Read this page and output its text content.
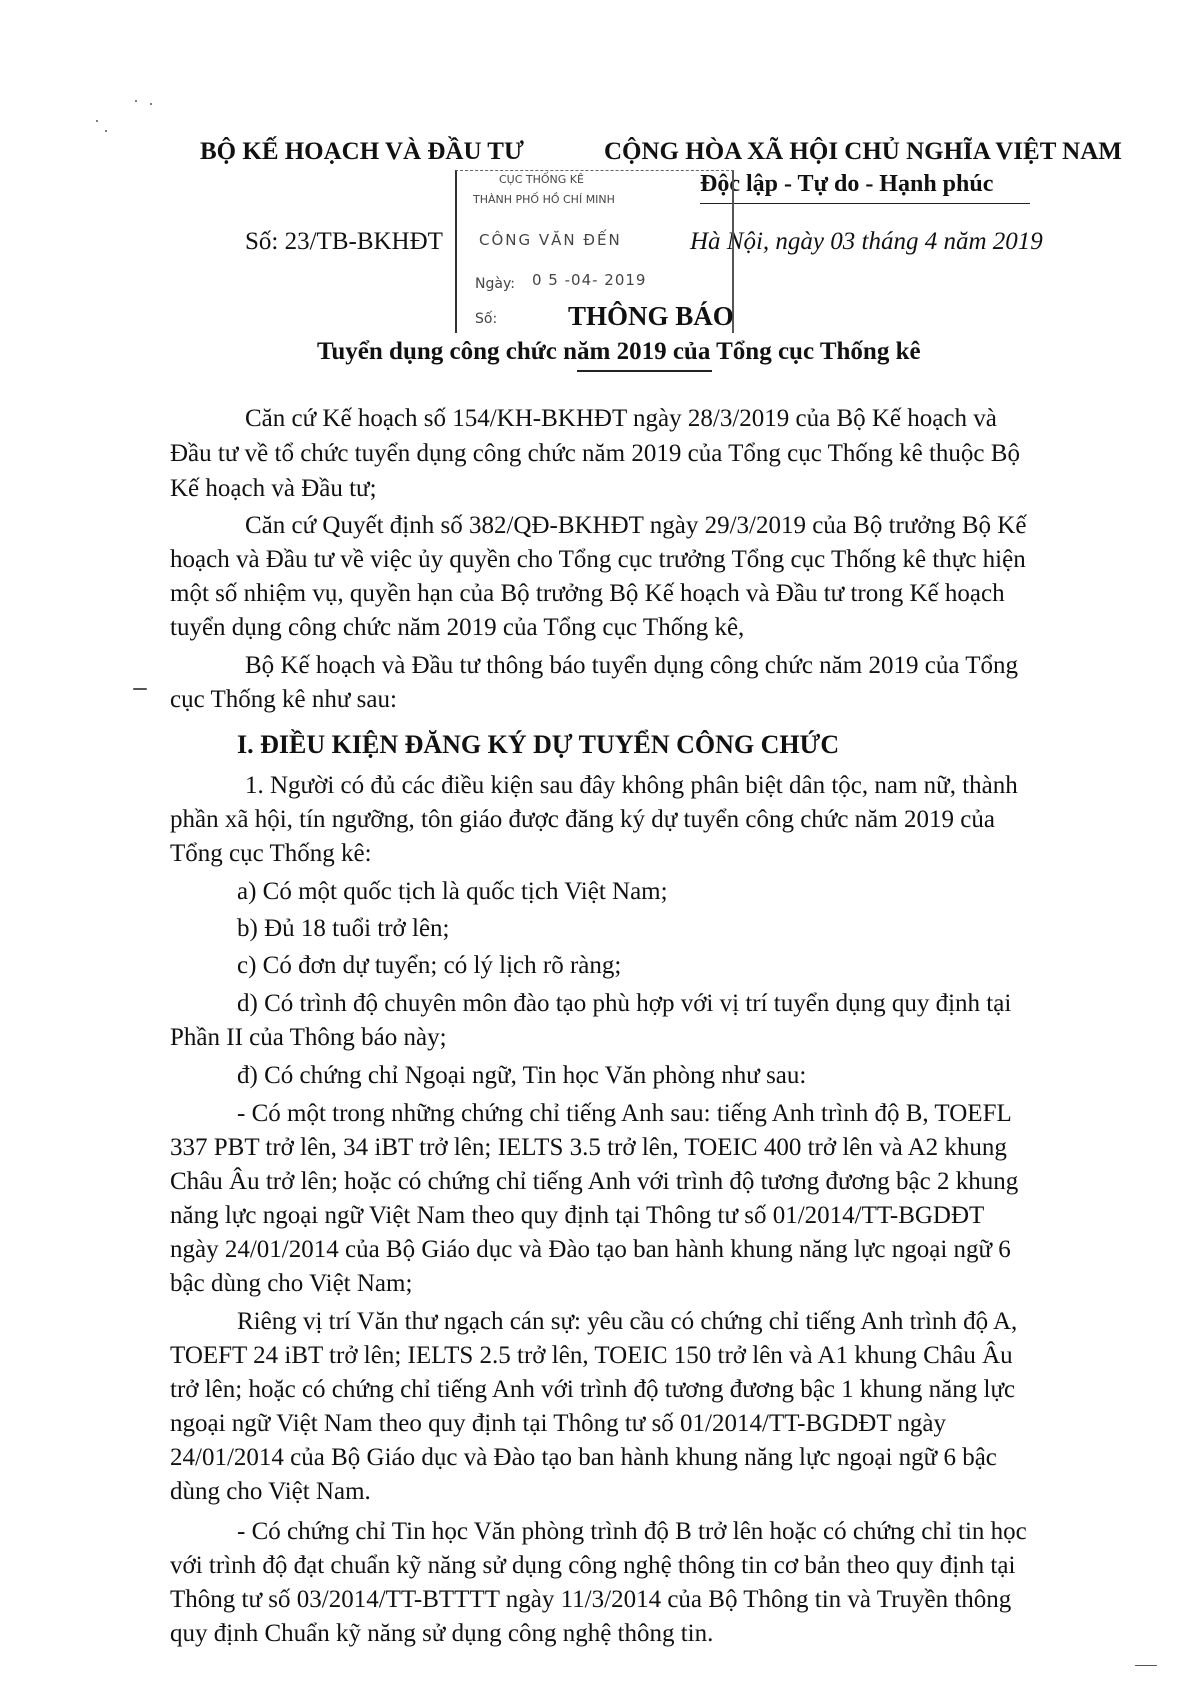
BỘ KẾ HOẠCH VÀ ĐẦU TƯ	CỘNG HÒA XÃ HỘI CHỦ NGHĨA VIỆT NAM
Độc lập - Tự do - Hạnh phúc
Số: 23/TB-BKHĐT	Hà Nội, ngày 03 tháng 4 năm 2019
CỤC THỐNG KÊ
THÀNH PHỐ HỒ CHÍ MINH
CÔNG VĂN ĐẾN
Ngày: 0 5 -04- 2019
Số:	THÔNG BÁO
Tuyển dụng công chức năm 2019 của Tổng cục Thống kê
Căn cứ Kế hoạch số 154/KH-BKHĐT ngày 28/3/2019 của Bộ Kế hoạch và
Đầu tư về tổ chức tuyển dụng công chức năm 2019 của Tổng cục Thống kê thuộc Bộ
Kế hoạch và Đầu tư;
Căn cứ Quyết định số 382/QĐ-BKHĐT ngày 29/3/2019 của Bộ trưởng Bộ Kế
hoạch và Đầu tư về việc ủy quyền cho Tổng cục trưởng Tổng cục Thống kê thực hiện
một số nhiệm vụ, quyền hạn của Bộ trưởng Bộ Kế hoạch và Đầu tư trong Kế hoạch
tuyển dụng công chức năm 2019 của Tổng cục Thống kê,
Bộ Kế hoạch và Đầu tư thông báo tuyển dụng công chức năm 2019 của Tổng
cục Thống kê như sau:
I. ĐIỀU KIỆN ĐĂNG KÝ DỰ TUYỂN CÔNG CHỨC
1. Người có đủ các điều kiện sau đây không phân biệt dân tộc, nam nữ, thành
phần xã hội, tín ngưỡng, tôn giáo được đăng ký dự tuyển công chức năm 2019 của
Tổng cục Thống kê:
a) Có một quốc tịch là quốc tịch Việt Nam;
b) Đủ 18 tuổi trở lên;
c) Có đơn dự tuyển; có lý lịch rõ ràng;
d) Có trình độ chuyên môn đào tạo phù hợp với vị trí tuyển dụng quy định tại
Phần II của Thông báo này;
đ) Có chứng chỉ Ngoại ngữ, Tin học Văn phòng như sau:
- Có một trong những chứng chỉ tiếng Anh sau: tiếng Anh trình độ B, TOEFL
337 PBT trở lên, 34 iBT trở lên; IELTS 3.5 trở lên, TOEIC 400 trở lên và A2 khung
Châu Âu trở lên; hoặc có chứng chỉ tiếng Anh với trình độ tương đương bậc 2 khung
năng lực ngoại ngữ Việt Nam theo quy định tại Thông tư số 01/2014/TT-BGDĐT
ngày 24/01/2014 của Bộ Giáo dục và Đào tạo ban hành khung năng lực ngoại ngữ 6
bậc dùng cho Việt Nam;
Riêng vị trí Văn thư ngạch cán sự: yêu cầu có chứng chỉ tiếng Anh trình độ A,
TOEFT 24 iBT trở lên; IELTS 2.5 trở lên, TOEIC 150 trở lên và A1 khung Châu Âu
trở lên; hoặc có chứng chỉ tiếng Anh với trình độ tương đương bậc 1 khung năng lực
ngoại ngữ Việt Nam theo quy định tại Thông tư số 01/2014/TT-BGDĐT ngày
24/01/2014 của Bộ Giáo dục và Đào tạo ban hành khung năng lực ngoại ngữ 6 bậc
dùng cho Việt Nam.
- Có chứng chỉ Tin học Văn phòng trình độ B trở lên hoặc có chứng chỉ tin học
với trình độ đạt chuẩn kỹ năng sử dụng công nghệ thông tin cơ bản theo quy định tại
Thông tư số 03/2014/TT-BTTTT ngày 11/3/2014 của Bộ Thông tin và Truyền thông
quy định Chuẩn kỹ năng sử dụng công nghệ thông tin.
